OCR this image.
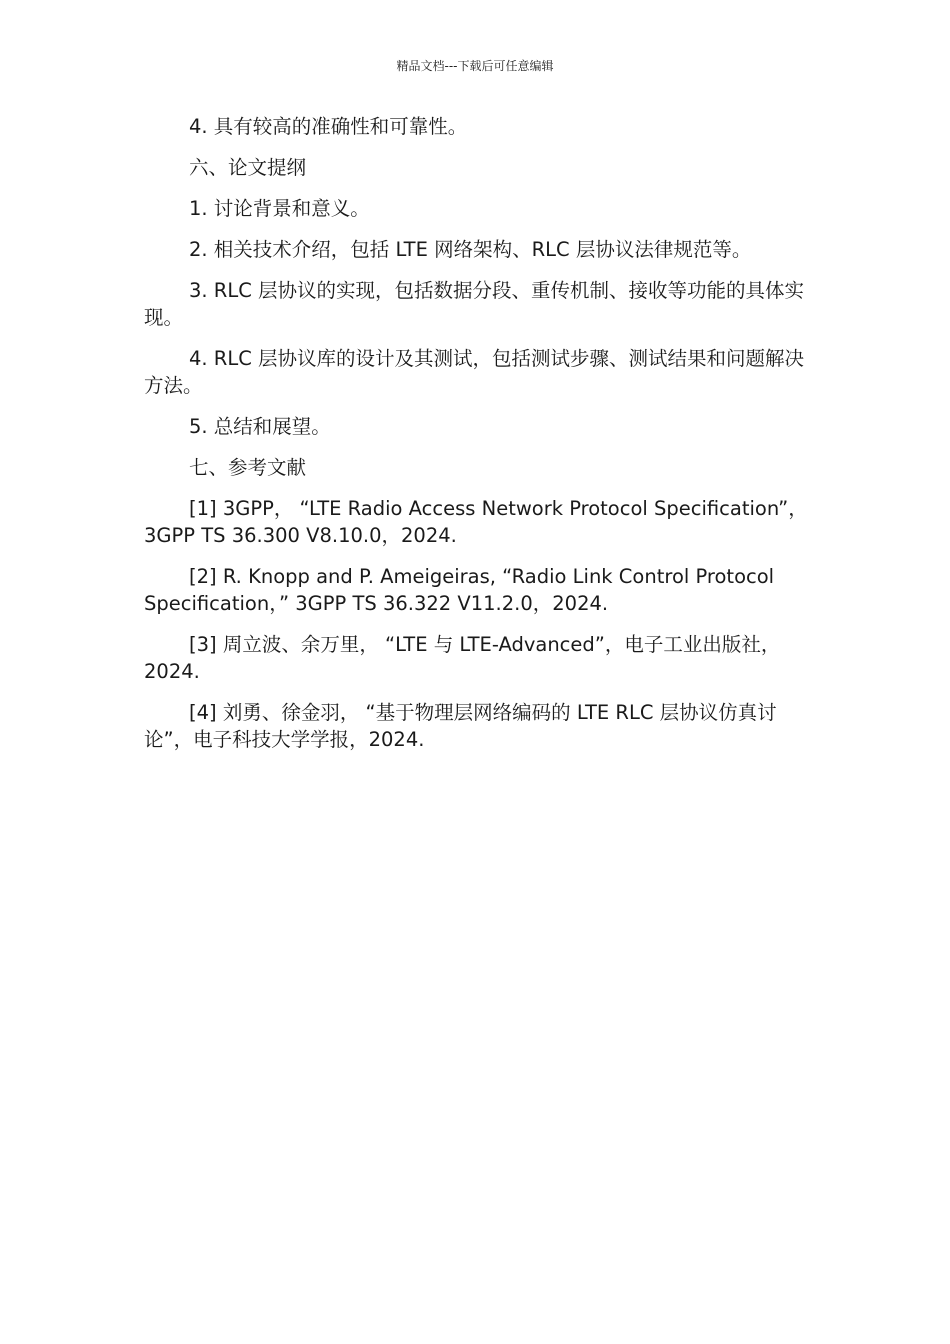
精品文档---下载后可任意编辑

4. 具有较高的准确性和可靠性。

六、论文提纲

1. 讨论背景和意义。

2. 相关技术介绍，包括 LTE 网络架构、RLC 层协议法律规范等。

3. RLC 层协议的实现，包括数据分段、重传机制、接收等功能的具体实现。

4. RLC 层协议库的设计及其测试，包括测试步骤、测试结果和问题解决方法。

5. 总结和展望。

七、参考文献

[1] 3GPP， “LTE Radio Access Network Protocol Specification”，3GPP TS 36.300 V8.10.0，2024.

[2] R. Knopp and P. Ameigeiras, “Radio Link Control Protocol Specification，” 3GPP TS 36.322 V11.2.0，2024.

[3] 周立波、余万里， “LTE 与 LTE-Advanced”，电子工业出版社，2024.

[4] 刘勇、徐金羽， “基于物理层网络编码的 LTE RLC 层协议仿真讨论”，电子科技大学学报，2024.
